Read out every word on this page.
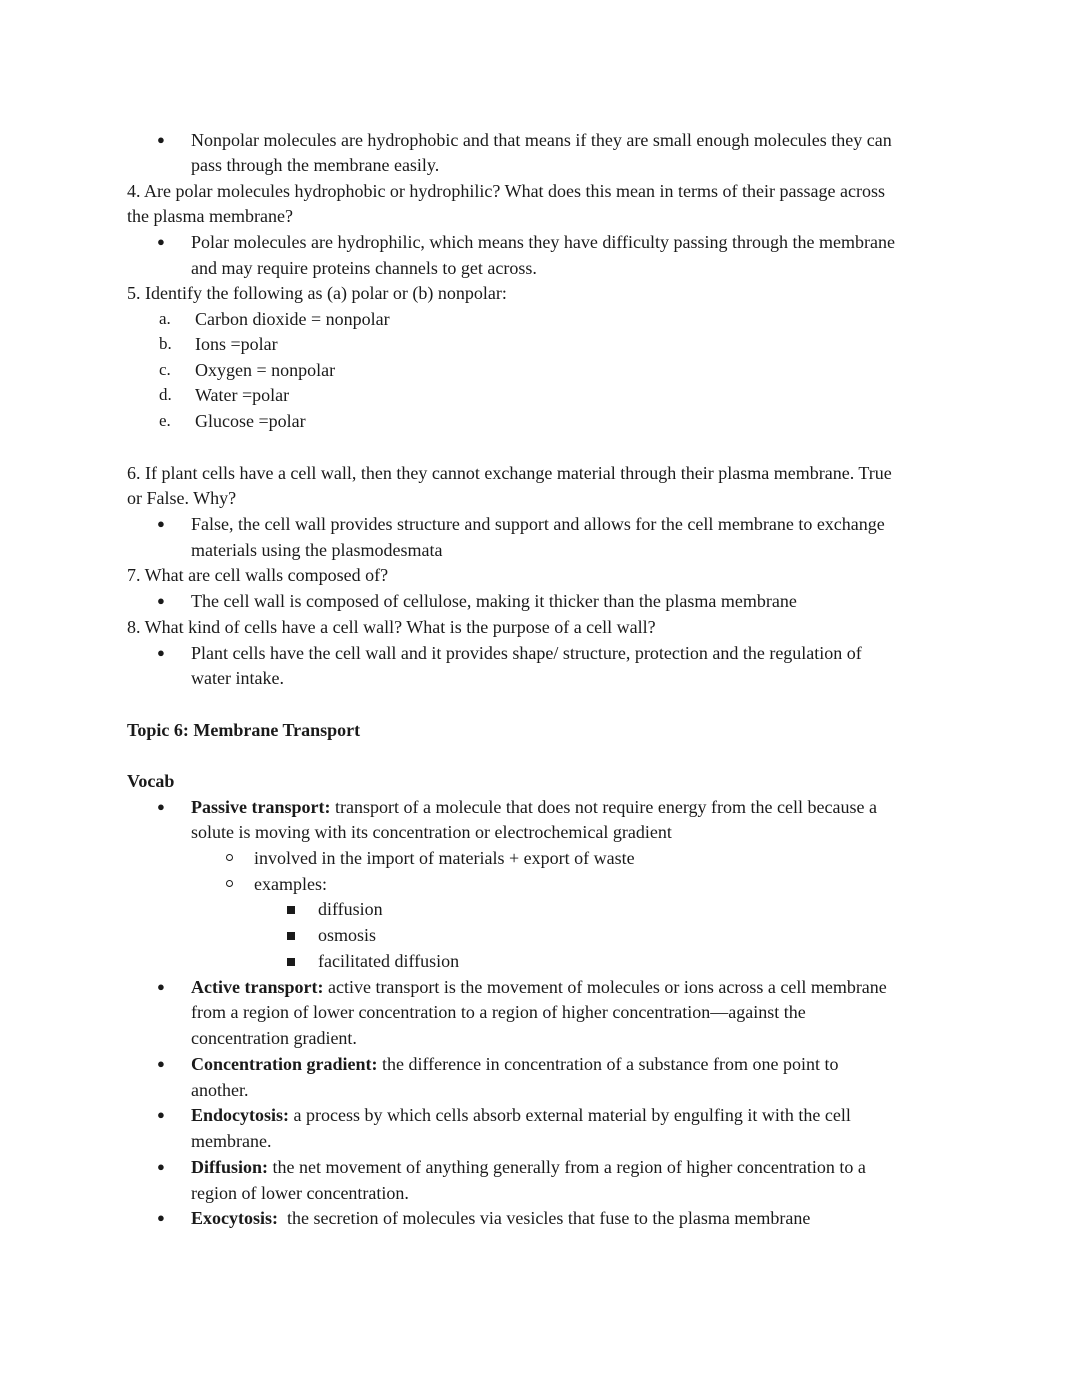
● Nonpolar molecules are hydrophobic and that means if they are small enough molecules they can
pass through the membrane easily.
4. Are polar molecules hydrophobic or hydrophilic? What does this mean in terms of their passage across
the plasma membrane?
● Polar molecules are hydrophilic, which means they have difficulty passing through the membrane
and may require proteins channels to get across.
5. Identify the following as (a) polar or (b) nonpolar:
a. Carbon dioxide = nonpolar
b. Ions =polar
c. Oxygen = nonpolar
d. Water =polar
e. Glucose =polar
6. If plant cells have a cell wall, then they cannot exchange material through their plasma membrane. True
or False. Why?
● False, the cell wall provides structure and support and allows for the cell membrane to exchange
materials using the plasmodesmata
7. What are cell walls composed of?
● The cell wall is composed of cellulose, making it thicker than the plasma membrane
8. What kind of cells have a cell wall? What is the purpose of a cell wall?
● Plant cells have the cell wall and it provides shape/ structure, protection and the regulation of
water intake.
Topic 6: Membrane Transport
Vocab
● Passive transport: transport of a molecule that does not require energy from the cell because a
solute is moving with its concentration or electrochemical gradient
involved in the import of materials + export of waste
examples:
diffusion
osmosis
facilitated diffusion
● Active transport: active transport is the movement of molecules or ions across a cell membrane
from a region of lower concentration to a region of higher concentration—against the
concentration gradient.
● Concentration gradient: the difference in concentration of a substance from one point to
another.
● Endocytosis: a process by which cells absorb external material by engulfing it with the cell
membrane.
● Diffusion: the net movement of anything generally from a region of higher concentration to a
region of lower concentration.
● Exocytosis:  the secretion of molecules via vesicles that fuse to the plasma membrane
